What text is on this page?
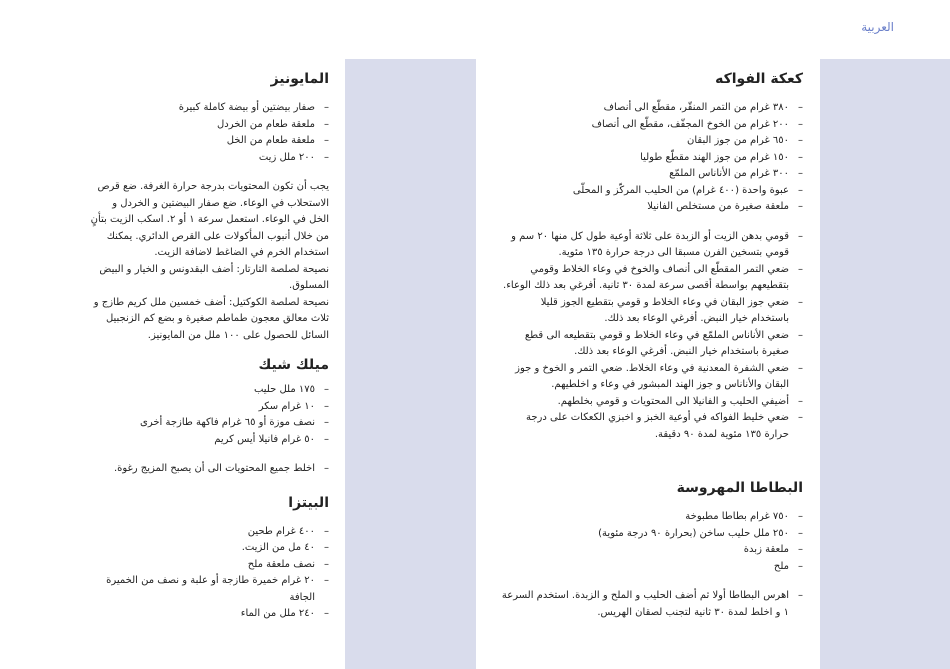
العربية
كعكة الفواكه
– ٣٨٠ غرام من التمر المنقّر، مقطّع الى أنصاف
– ٢٠٠ غرام من الخوخ المجفّف، مقطّع الى أنصاف
– ٦٥٠ غرام من جوز البقان
– ١٥٠ غرام من جوز الهند مقطّع طوليا
– ٣٠٠ غرام من الأناناس الملمّع
– عبوة واحدة (٤٠٠ غرام) من الحليب المركّز و المحلّى
– ملعقة صغيرة من مستخلص الفانيلا
– قومي بدهن الزيت أو الزبدة على ثلاثة أوعية طول كل منها ٢٠ سم و قومي بتسخين الفرن مسبقا الى درجة حرارة ١٣٥ مئوية.
– ضعي التمر المقطّع الى أنصاف والخوخ في وعاء الخلاط وقومي بتقطيعهم بواسطة أقصى سرعة لمدة ٣٠ ثانية. أفرغي بعد ذلك الوعاء.
– ضعي جوز البقان في وعاء الخلاط و قومي بتقطيع الجوز قليلا باستخدام خيار النبض. أفرغي الوعاء بعد ذلك.
– ضعي الأناناس الملمّع في وعاء الخلاط و قومي بتقطيعه الى قطع صغيرة باستخدام خيار النبض. أفرغي الوعاء بعد ذلك.
– ضعي الشفرة المعدنية في وعاء الخلاط. ضعي التمر و الخوخ و جوز البقان والأناناس و جوز الهند المبشور في وعاء و اخلطيهم.
– أضيفي الحليب و الفانيلا الى المحتويات و قومي بخلطهم.
– ضعي خليط الفواكه في أوعية الخبز و اخبزي الكعكات على درجة حرارة ١٣٥ مئوية لمدة ٩٠ دقيقة.
البطاطا المهروسة
– ٧٥٠ غرام بطاطا مطبوخة
– ٢٥٠ ملل حليب ساخن (بحرارة ٩٠ درجة مئوية)
– ملعقة زبدة
– ملح
– اهرس البطاطا أولا ثم أضف الحليب و الملح و الزبدة. استخدم السرعة ١ و اخلط لمدة ٣٠ ثانية لتجنب لصقان الهريس.
المايونيز
– صفار بيضتين أو بيضة كاملة كبيرة
– ملعقة طعام من الخردل
– ملعقة طعام من الخل
– ٢٠٠ ملل زيت

يجب أن تكون المحتويات بدرجة حرارة الغرفة. ضع قرص الاستحلاب في الوعاء. ضع صفار البيضتين و الخردل و الخل في الوعاء. استعمل سرعة ١ أو ٢. اسكب الزيت بتأنٍ من خلال أنبوب المأكولات على القرص الدائري. يمكنك استخدام الخرم في الضاغط لاضافة الزيت.

نصيحة لصلصة التارتار: أضف البقدونس و الخيار و البيض المسلوق.

نصيحة لصلصة الكوكتيل: أضف خمسين ملل كريم طازج و ثلاث معالق معجون طماطم صغيرة و بضع كم الزنجبيل السائل للحصول على ١٠٠ ملل من المايونيز.

ميلك شيك
– ١٧٥ ملل حليب
– ١٠ غرام سكر
– نصف موزة أو ٦٥ غرام فاكهة طازجة أخرى
– ٥٠ غرام فانيلا أيس كريم
– اخلط جميع المحتويات الى أن يصبح المزيج رغوة.
البيتزا
– ٤٠٠ غرام طحين
– ٤٠ مل من الزيت.
– نصف ملعقة ملح
– ٢٠ غرام خميرة طازجة أو علبة و نصف من الخميرة الجافة
– ٢٤٠ ملل من الماء
